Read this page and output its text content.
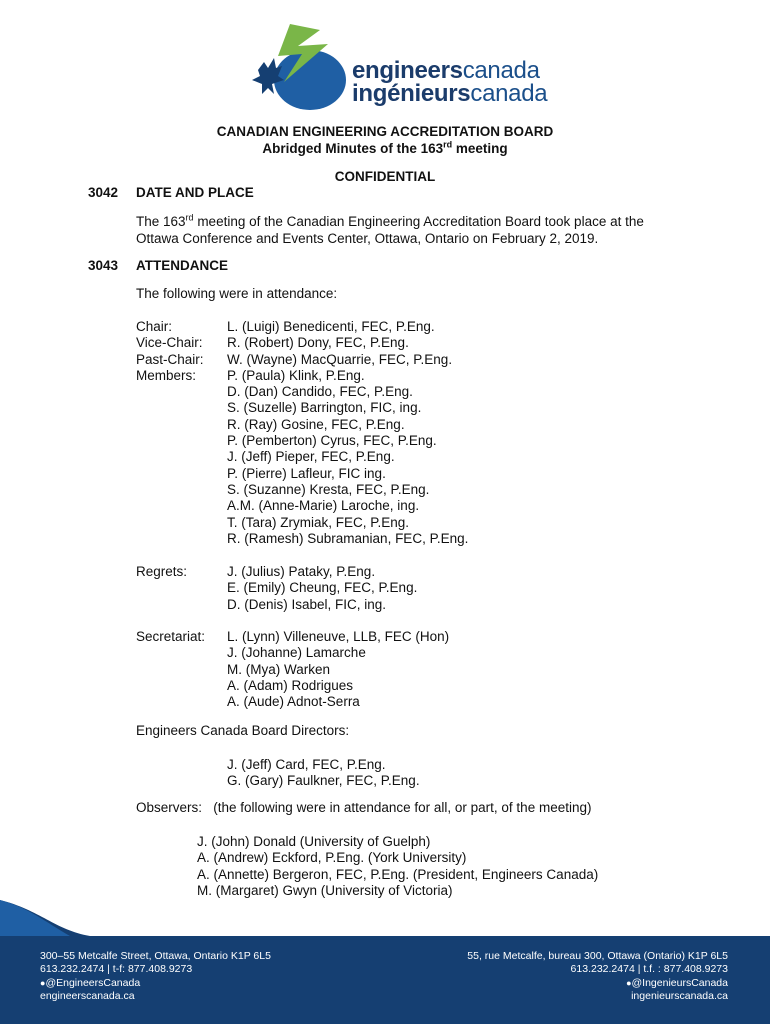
engineerscanada
ingénieurscanada
CANADIAN ENGINEERING ACCREDITATION BOARD
Abridged Minutes of the 163rd meeting
CONFIDENTIAL
3042 DATE AND PLACE
The 163rd meeting of the Canadian Engineering Accreditation Board took place at the
Ottawa Conference and Events Center, Ottawa, Ontario on February 2, 2019.
3043 ATTENDANCE
The following were in attendance:
Chair:
Vice-Chair:
Past-Chair:
Members:
L. (Luigi) Benedicenti, FEC, P.Eng.
R. (Robert) Dony, FEC, P.Eng.
W. (Wayne) MacQuarrie, FEC, P.Eng.
P. (Paula) Klink, P.Eng.
D. (Dan) Candido, FEC, P.Eng.
S. (Suzelle) Barrington, FIC, ing.
R. (Ray) Gosine, FEC, P.Eng.
P. (Pemberton) Cyrus, FEC, P.Eng.
J. (Jeff) Pieper, FEC, P.Eng.
P. (Pierre) Lafleur, FIC ing.
S. (Suzanne) Kresta, FEC, P.Eng.
A.M. (Anne-Marie) Laroche, ing.
T. (Tara) Zrymiak, FEC, P.Eng.
R. (Ramesh) Subramanian, FEC, P.Eng.
Regrets:	J. (Julius) Pataky, P.Eng.
E. (Emily) Cheung, FEC, P.Eng.
D. (Denis) Isabel, FIC, ing.
Secretariat: L. (Lynn) Villeneuve, LLB, FEC (Hon)
J. (Johanne) Lamarche
M. (Mya) Warken
A. (Adam) Rodrigues
A. (Aude) Adnot-Serra
Engineers Canada Board Directors:
J. (Jeff) Card, FEC, P.Eng.
G. (Gary) Faulkner, FEC, P.Eng.
Observers:   (the following were in attendance for all, or part, of the meeting)
J. (John) Donald (University of Guelph)
A. (Andrew) Eckford, P.Eng. (York University)
A. (Annette) Bergeron, FEC, P.Eng. (President, Engineers Canada)
M. (Margaret) Gwyn (University of Victoria)
300–55 Metcalfe Street, Ottawa, Ontario K1P 6L5
613.232.2474 | t-f: 877.408.9273
●@EngineersCanada
engineerscanada.ca
55, rue Metcalfe, bureau 300, Ottawa (Ontario) K1P 6L5
613.232.2474 | t.f. : 877.408.9273
●@IngenieursCanada
ingenieurscanada.ca
